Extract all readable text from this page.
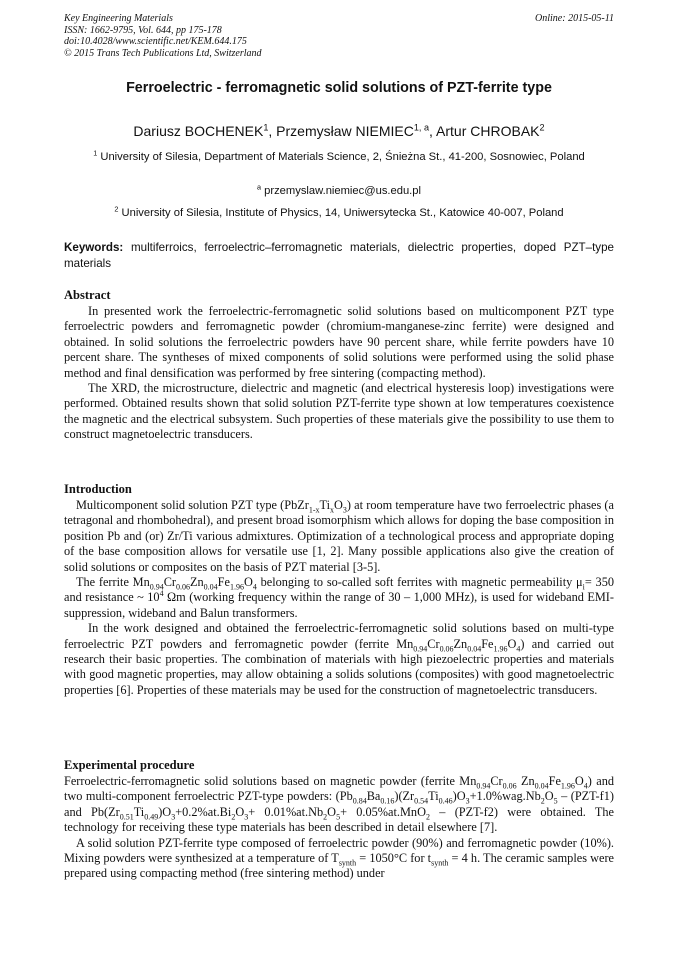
Key Engineering Materials
ISSN: 1662-9795, Vol. 644, pp 175-178
doi:10.4028/www.scientific.net/KEM.644.175
© 2015 Trans Tech Publications Ltd, Switzerland
Online: 2015-05-11
Ferroelectric - ferromagnetic solid solutions of PZT-ferrite type
Dariusz BOCHENEK$^1$, Przemysław NIEMIEC$^{1, a}$, Artur CHROBAK$^2$
$^1$ University of Silesia, Department of Materials Science, 2, Śnieżna St., 41-200, Sosnowiec, Poland
$^a$ przemyslaw.niemiec@us.edu.pl
$^2$ University of Silesia, Institute of Physics, 14, Uniwersytecka St., Katowice 40-007, Poland
Keywords: multiferroics, ferroelectric–ferromagnetic materials, dielectric properties, doped PZT–type materials
Abstract

In presented work the ferroelectric-ferromagnetic solid solutions based on multicomponent PZT type ferroelectric powders and ferromagnetic powder (chromium-manganese-zinc ferrite) were designed and obtained. In solid solutions the ferroelectric powders have 90 percent share, while ferrite powders have 10 percent share. The syntheses of mixed components of solid solutions were performed using the solid phase method and final densification was performed by free sintering (compacting method).

The XRD, the microstructure, dielectric and magnetic (and electrical hysteresis loop) investigations were performed. Obtained results shown that solid solution PZT-ferrite type shown at low temperatures coexistence the magnetic and the electrical subsystem. Such properties of these materials give the possibility to use them to construct magnetoelectric transducers.

Introduction

Multicomponent solid solution PZT type $(PbZr_{1-x}Ti_xO_3)$ at room temperature have two ferroelectric phases (a tetragonal and rhombohedral), and present broad isomorphism which allows for doping the base composition in position Pb and (or) Zr/Ti various admixtures. Optimization of a technological process and appropriate doping of the base composition allows for versatile use [1, 2]. Many possible applications also give the creation of solid solutions or composites on the basis of PZT material [3-5].

The ferrite $Mn_{0.94}Cr_{0.06}Zn_{0.04}Fe_{1.96}O_4$ belonging to so-called soft ferrites with magnetic permeability $\mu_i= 350$ and resistance ~ $10^4$ Ωm (working frequency within the range of 30 – 1,000 MHz), is used for wideband EMI-suppression, wideband and Balun transformers.

In the work designed and obtained the ferroelectric-ferromagnetic solid solutions based on multi-type ferroelectric PZT powders and ferromagnetic powder (ferrite $Mn_{0.94}Cr_{0.06}Zn_{0.04}Fe_{1.96}O_4$) and carried out research their basic properties. The combination of materials with high piezoelectric properties and materials with good magnetic properties, may allow obtaining a solids solutions (composites) with good magnetoelectric properties [6]. Properties of these materials may be used for the construction of magnetoelectric transducers.

Experimental procedure

Ferroelectric-ferromagnetic solid solutions based on magnetic powder (ferrite $Mn_{0.94}Cr_{0.06}$ $Zn_{0.04}Fe_{1.96}O_4$) and two multi-component ferroelectric PZT-type powders: $(Pb_{0.84}Ba_{0.16})(Zr_{0.54}Ti_{0.46})O_3+1.0\%wag.Nb_2O_5 - (PZT-f1)$ and $Pb(Zr_{0.51}Ti_{0.49})O_3+0.2\%at.Bi_2O_3+ 0.01\%at.Nb_2O_5+ 0.05\%at.MnO_2 - (PZT-f2)$ were obtained. The technology for receiving these type materials has been described in detail elsewhere [7].

A solid solution PZT-ferrite type composed of ferroelectric powder (90%) and ferromagnetic powder (10%). Mixing powders were synthesized at a temperature of $T_{synth} = 1050^\circ C$ for $t_{synth} = 4$ h. The ceramic samples were prepared using compacting method (free sintering method) under
